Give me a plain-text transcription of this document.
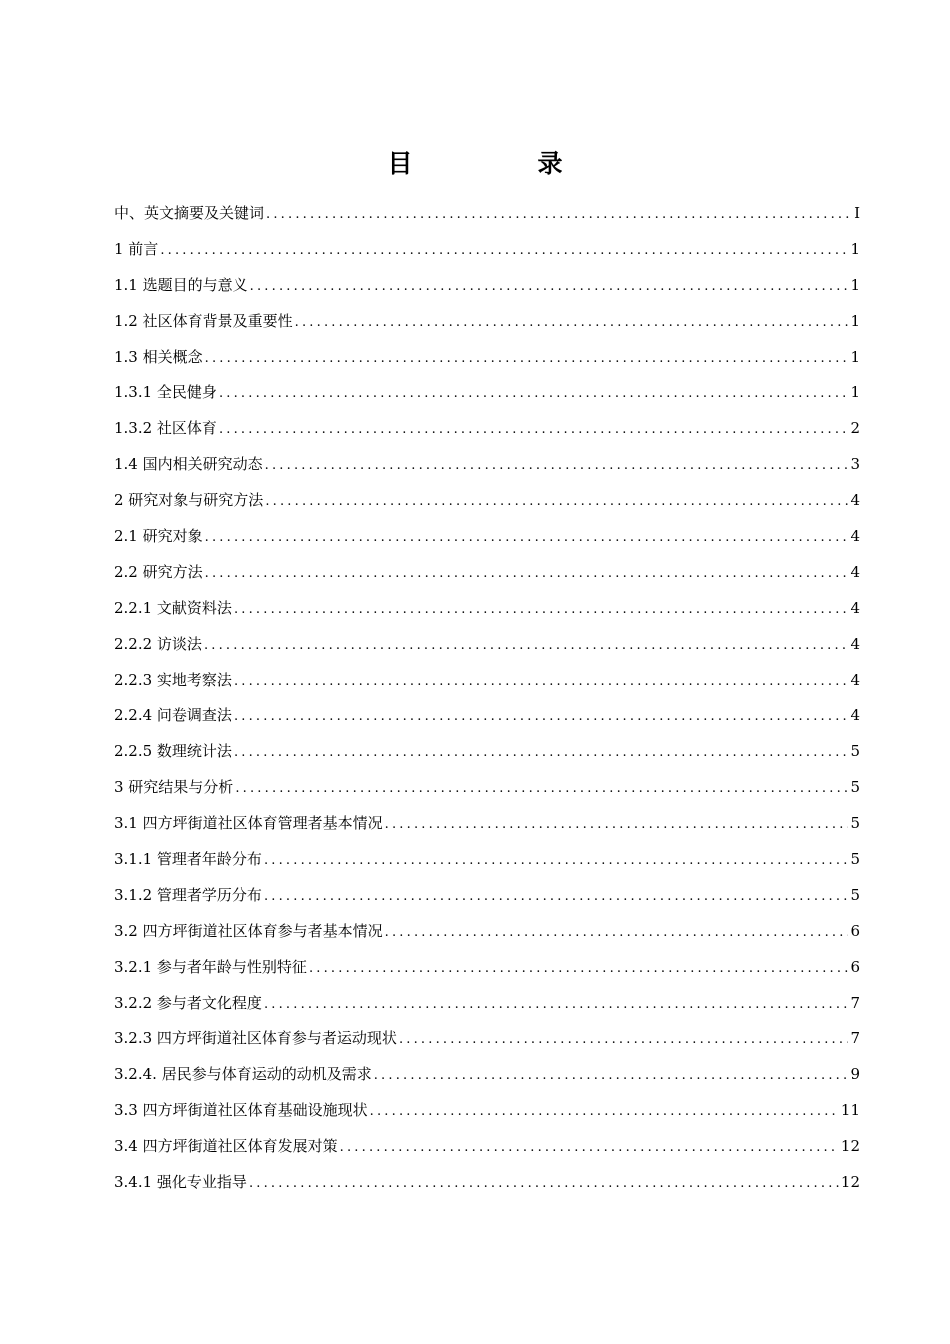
目　录
中、英文摘要及关键词 .....	I
1 前言 .....	1
1.1 选题目的与意义 .....	1
1.2 社区体育背景及重要性 .....	1
1.3 相关概念 .....	1
1.3.1 全民健身 .....	1
1.3.2 社区体育 .....	2
1.4 国内相关研究动态 .....	3
2 研究对象与研究方法 .....	4
2.1 研究对象 .....	4
2.2 研究方法 .....	4
2.2.1 文献资料法 .....	4
2.2.2 访谈法 .....	4
2.2.3 实地考察法 .....	4
2.2.4 问卷调查法 .....	4
2.2.5 数理统计法 .....	5
3 研究结果与分析 .....	5
3.1 四方坪街道社区体育管理者基本情况 .....	5
3.1.1 管理者年龄分布 .....	5
3.1.2 管理者学历分布 .....	5
3.2 四方坪街道社区体育参与者基本情况 .....	6
3.2.1 参与者年龄与性别特征 .....	6
3.2.2 参与者文化程度 .....	7
3.2.3 四方坪街道社区体育参与者运动现状 .....	7
3.2.4. 居民参与体育运动的动机及需求 .....	9
3.3 四方坪街道社区体育基础设施现状 .....	11
3.4 四方坪街道社区体育发展对策 .....	12
3.4.1 强化专业指导 .....	12
